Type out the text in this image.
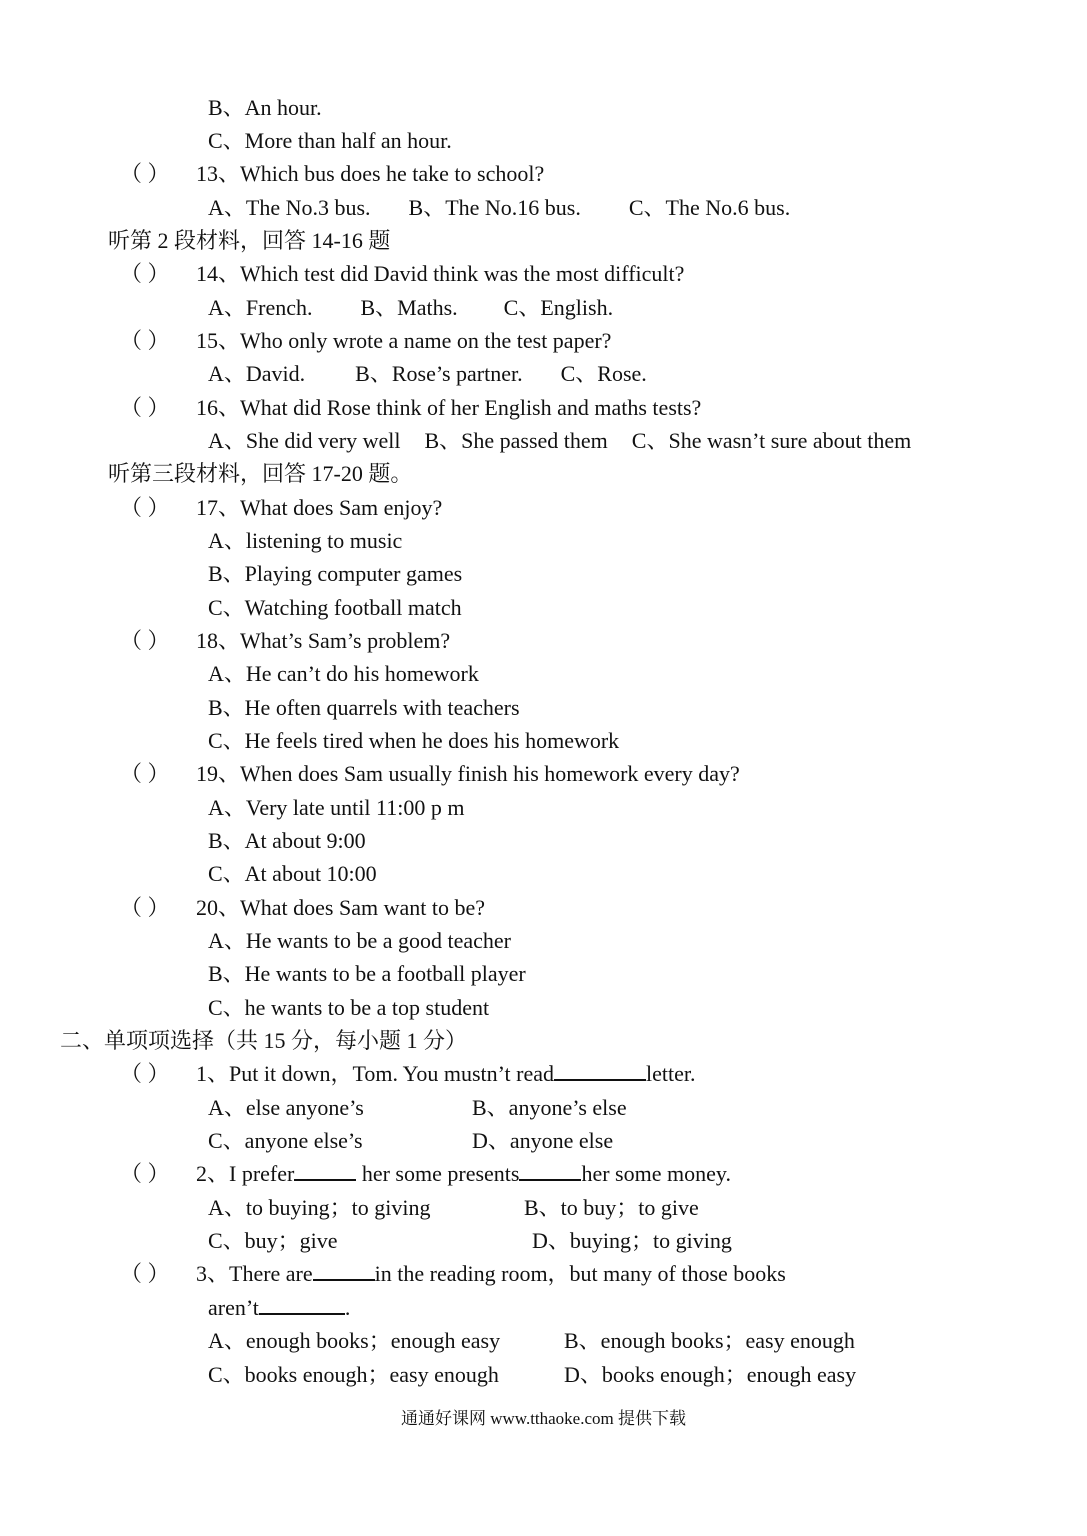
B、An hour.
C、More than half an hour.
（ ） 13、Which bus does he take to school?
A、The No.3 bus. B、The No.16 bus. C、The No.6 bus.
听第 2 段材料，回答 14-16 题
（ ） 14、Which test did David think was the most difficult?
A、French. B、Maths. C、English.
（ ） 15、Who only wrote a name on the test paper?
A、David. B、Rose’s partner. C、Rose.
（ ） 16、What did Rose think of her English and maths tests?
A、She did very well B、She passed them C、She wasn’t sure about them
听第三段材料，回答 17-20 题。
（ ） 17、What does Sam enjoy?
A、listening to music
B、Playing computer games
C、Watching football match
（ ） 18、What’s Sam’s problem?
A、He can’t do his homework
B、He often quarrels with teachers
C、He feels tired when he does his homework
（ ） 19、When does Sam usually finish his homework every day?
A、Very late until 11:00 p m
B、At about 9:00
C、At about 10:00
（ ） 20、What does Sam want to be?
A、He wants to be a good teacher
B、He wants to be a football player
C、he wants to be a top student
二、单项项选择（共 15 分，每小题 1 分）
（ ） 1、Put it down，Tom. You mustn’t read	letter.
A、else anyone’s	B、anyone’s else
C、anyone else’s	D、anyone else
（ ） 2、I prefer	her some presents	her some money.
A、to buying；to giving	B、to buy；to give
C、buy；give	D、buying；to giving
（ ） 3、There are	in the reading room，but many of those books
aren’t	.
A、enough books；enough easy	B、enough books；easy enough
C、books enough；easy enough	D、books enough；enough easy
通通好课网 www.tthaoke.com 提供下载
